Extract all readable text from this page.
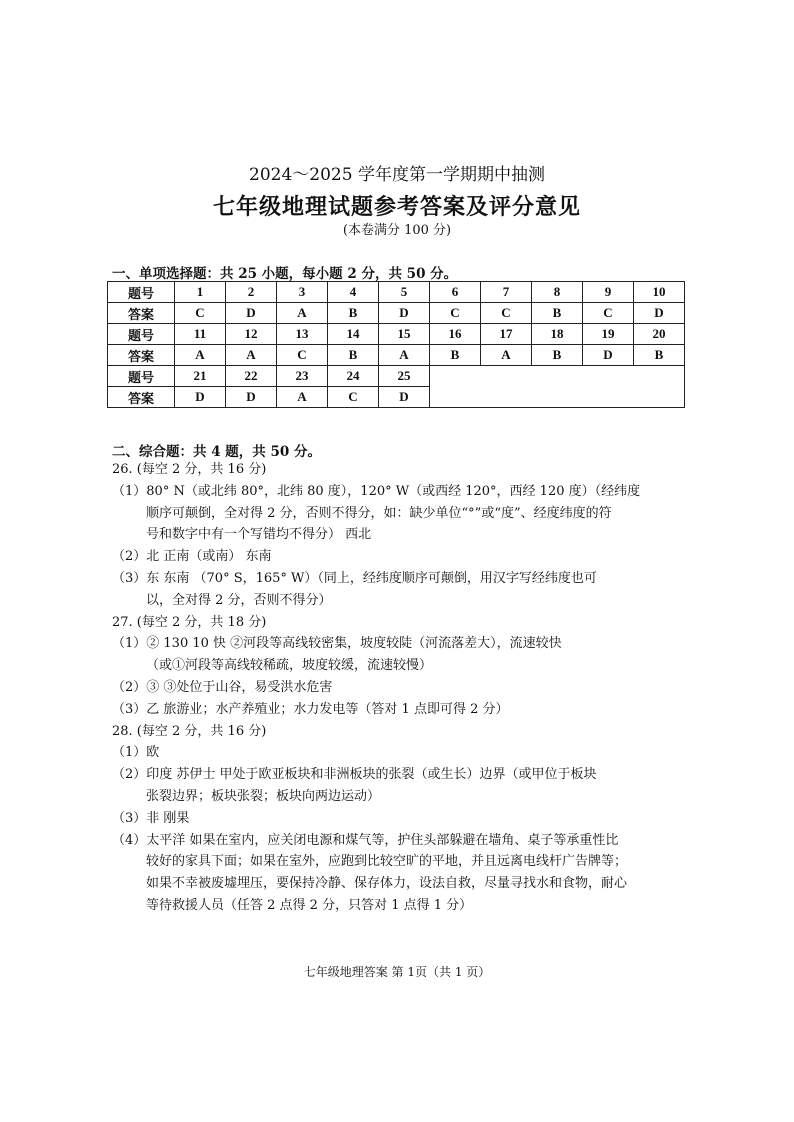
2024～2025 学年度第一学期期中抽测
七年级地理试题参考答案及评分意见
(本卷满分 100 分)
一、单项选择题：共 25 小题，每小题 2 分，共 50 分。
题号	1	2	3	4	5	6	7	8	9	10
答案	C	D	A	B	D	C	C	B	C	D
题号	11	12	13	14	15	16	17	18	19	20
答案	A	A	C	B	A	B	A	B	D	B
题号	21	22	23	24	25					
答案	D	D	A	C	D					
二、综合题：共 4 题，共 50 分。
26. (每空 2 分，共 16 分)
（1）80° N（或北纬 80°，北纬 80 度），120° W（或西经 120°，西经 120 度）（经纬度
顺序可颠倒，全对得 2 分，否则不得分，如：缺少单位“°”或“度”、经度纬度的符
号和数字中有一个写错均不得分） 西北
（2）北 正南（或南） 东南
（3）东 东南 （70° S，165° W）（同上，经纬度顺序可颠倒，用汉字写经纬度也可
以，全对得 2 分，否则不得分）
27. (每空 2 分，共 18 分)
（1）② 130 10 快 ②河段等高线较密集，坡度较陡（河流落差大），流速较快
（或①河段等高线较稀疏，坡度较缓，流速较慢）
（2）③ ③处位于山谷，易受洪水危害
（3）乙 旅游业；水产养殖业；水力发电等（答对 1 点即可得 2 分）
28. (每空 2 分，共 16 分)
（1）欧
（2）印度 苏伊士 甲处于欧亚板块和非洲板块的张裂（或生长）边界（或甲位于板块
张裂边界；板块张裂；板块向两边运动）
（3）非 刚果
（4）太平洋 如果在室内，应关闭电源和煤气等，护住头部躲避在墙角、桌子等承重性比
较好的家具下面；如果在室外，应跑到比较空旷的平地，并且远离电线杆广告牌等；
如果不幸被废墟埋压，要保持冷静、保存体力，设法自救，尽量寻找水和食物，耐心
等待救援人员（任答 2 点得 2 分，只答对 1 点得 1 分）
七年级地理答案 第 1页（共 1 页）
